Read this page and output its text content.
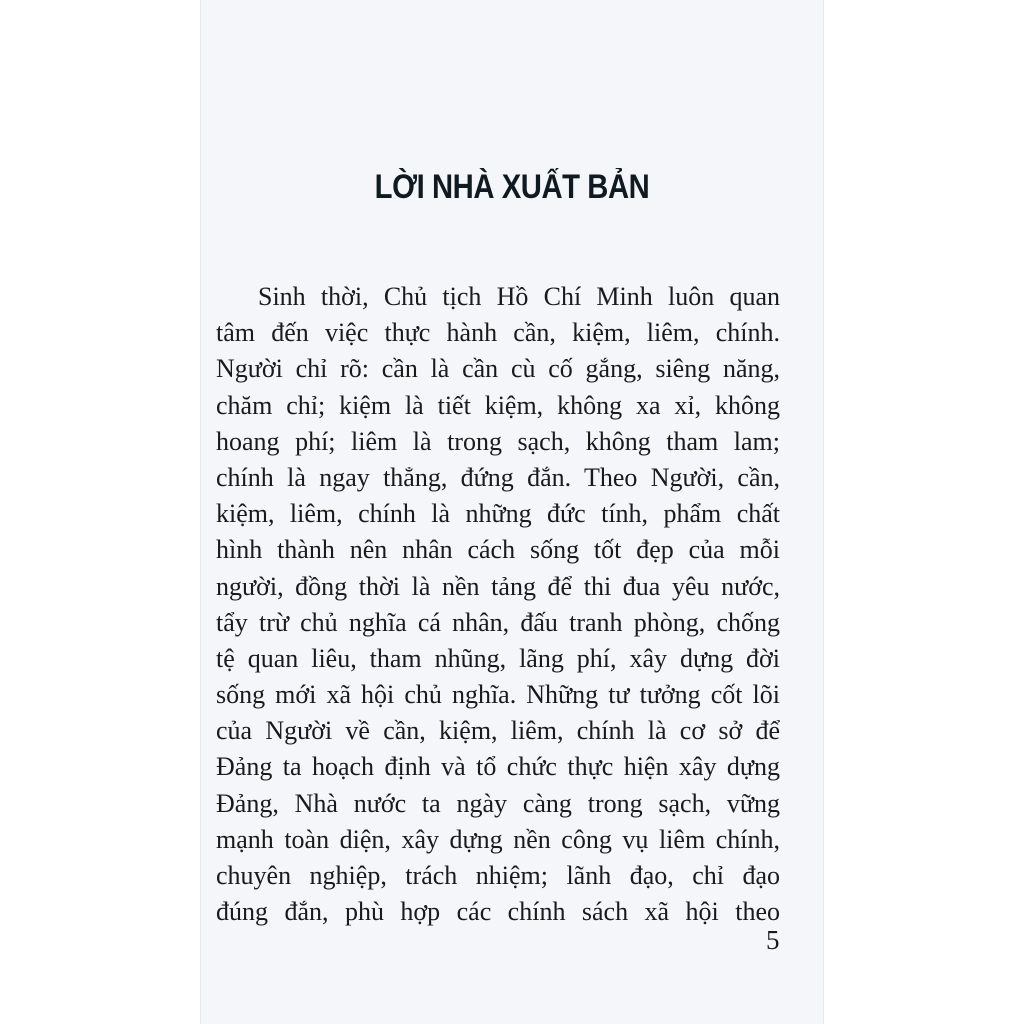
LỜI NHÀ XUẤT BẢN
Sinh thời, Chủ tịch Hồ Chí Minh luôn quan
tâm đến việc thực hành cần, kiệm, liêm, chính.
Người chỉ rõ: cần là cần cù cố gắng, siêng năng,
chăm chỉ; kiệm là tiết kiệm, không xa xỉ, không
hoang phí; liêm là trong sạch, không tham lam;
chính là ngay thẳng, đứng đắn. Theo Người, cần,
kiệm, liêm, chính là những đức tính, phẩm chất
hình thành nên nhân cách sống tốt đẹp của mỗi
người, đồng thời là nền tảng để thi đua yêu nước,
tẩy trừ chủ nghĩa cá nhân, đấu tranh phòng, chống
tệ quan liêu, tham nhũng, lãng phí, xây dựng đời
sống mới xã hội chủ nghĩa. Những tư tưởng cốt lõi
của Người về cần, kiệm, liêm, chính là cơ sở để
Đảng ta hoạch định và tổ chức thực hiện xây dựng
Đảng, Nhà nước ta ngày càng trong sạch, vững
mạnh toàn diện, xây dựng nền công vụ liêm chính,
chuyên nghiệp, trách nhiệm; lãnh đạo, chỉ đạo
đúng đắn, phù hợp các chính sách xã hội theo
5
